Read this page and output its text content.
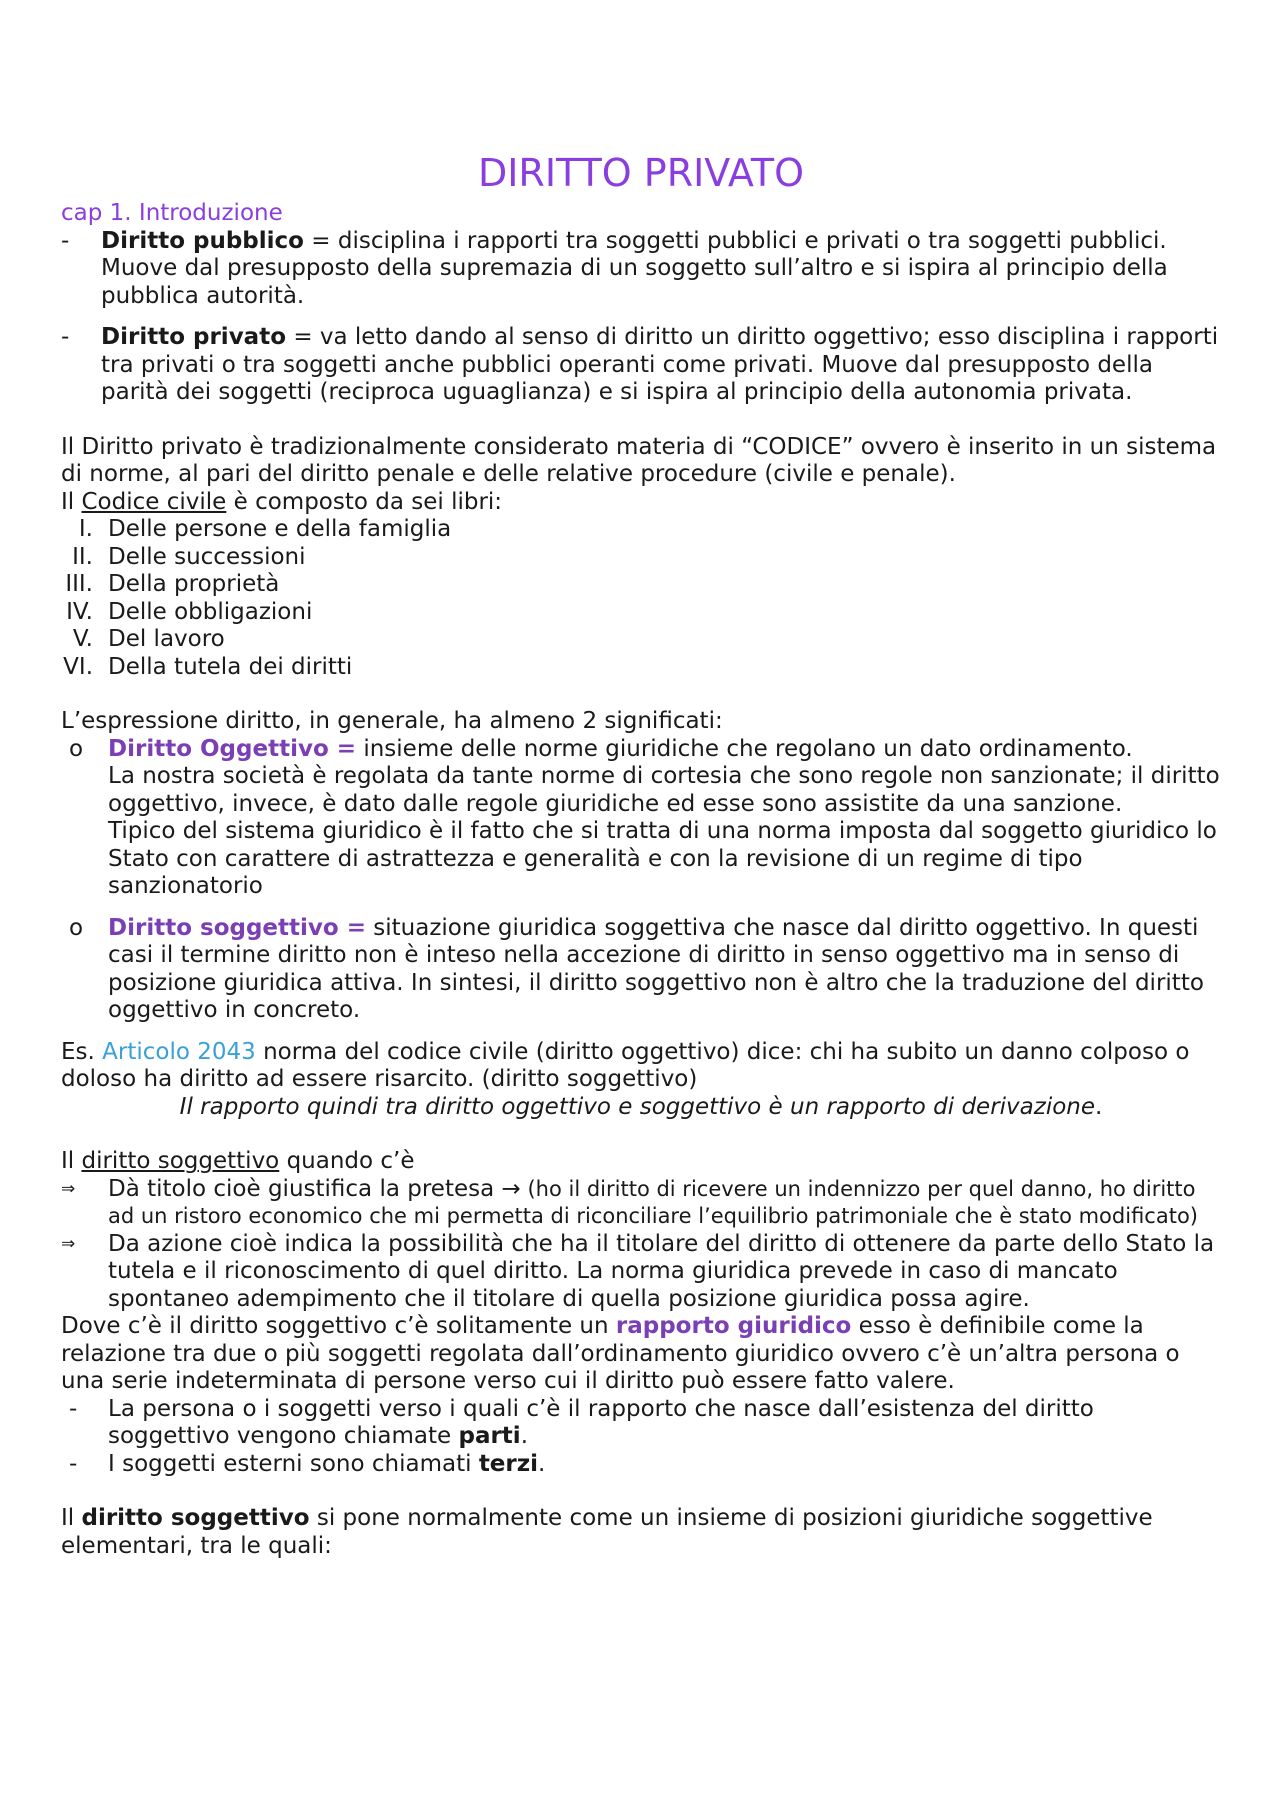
DIRITTO PRIVATO

cap 1. Introduzione

-	Diritto pubblico = disciplina i rapporti tra soggetti pubblici e privati o tra soggetti pubblici. Muove dal presupposto della supremazia di un soggetto sull’altro e si ispira al principio della pubblica autorità.
-	Diritto privato = va letto dando al senso di diritto un diritto oggettivo; esso disciplina i rapporti tra privati o tra soggetti anche pubblici operanti come privati. Muove dal presupposto della parità dei soggetti (reciproca uguaglianza) e si ispira al principio della autonomia privata.

Il Diritto privato è tradizionalmente considerato materia di “CODICE” ovvero è inserito in un sistema di norme, al pari del diritto penale e delle relative procedure (civile e penale).

Il Codice civile è composto da sei libri:

I. Delle persone e della famiglia
II. Delle successioni
III. Della proprietà
IV. Delle obbligazioni
V. Del lavoro
VI. Della tutela dei diritti

L’espressione diritto, in generale, ha almeno 2 significati:

o	Diritto Oggettivo = insieme delle norme giuridiche che regolano un dato ordinamento.
La nostra società è regolata da tante norme di cortesia che sono regole non sanzionate; il diritto oggettivo, invece, è dato dalle regole giuridiche ed esse sono assistite da una sanzione.
Tipico del sistema giuridico è il fatto che si tratta di una norma imposta dal soggetto giuridico lo Stato con carattere di astrattezza e generalità e con la revisione di un regime di tipo sanzionatorio
o	Diritto soggettivo = situazione giuridica soggettiva che nasce dal diritto oggettivo. In questi casi il termine diritto non è inteso nella accezione di diritto in senso oggettivo ma in senso di posizione giuridica attiva. In sintesi, il diritto soggettivo non è altro che la traduzione del diritto oggettivo in concreto.

Es. Articolo 2043 norma del codice civile (diritto oggettivo) dice: chi ha subito un danno colposo o doloso ha diritto ad essere risarcito. (diritto soggettivo)

Il rapporto quindi tra diritto oggettivo e soggettivo è un rapporto di derivazione.

Il diritto soggettivo quando c’è

⇒	Dà titolo cioè giustifica la pretesa → (ho il diritto di ricevere un indennizzo per quel danno, ho diritto ad un ristoro economico che mi permetta di riconciliare l’equilibrio patrimoniale che è stato modificato)
⇒	Da azione cioè indica la possibilità che ha il titolare del diritto di ottenere da parte dello Stato la tutela e il riconoscimento di quel diritto. La norma giuridica prevede in caso di mancato spontaneo adempimento che il titolare di quella posizione giuridica possa agire.

Dove c’è il diritto soggettivo c’è solitamente un rapporto giuridico esso è definibile come la relazione tra due o più soggetti regolata dall’ordinamento giuridico ovvero c’è un’altra persona o una serie indeterminata di persone verso cui il diritto può essere fatto valere.

-	La persona o i soggetti verso i quali c’è il rapporto che nasce dall’esistenza del diritto soggettivo vengono chiamate parti.
-	I soggetti esterni sono chiamati terzi.

Il diritto soggettivo si pone normalmente come un insieme di posizioni giuridiche soggettive elementari, tra le quali:
